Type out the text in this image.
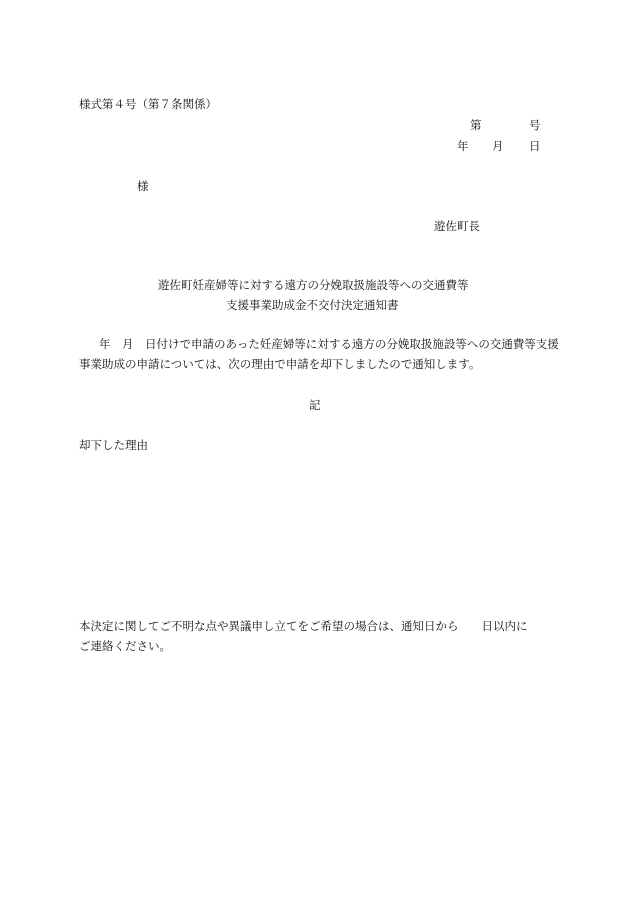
様式第４号（第７条関係）
第	号
年 月 日
様
遊佐町長
遊佐町妊産婦等に対する遠方の分娩取扱施設等への交通費等
支援事業助成金不交付決定通知書
年　月　日付けで申請のあった妊産婦等に対する遠方の分娩取扱施設等への交通費等支援
事業助成の申請については、次の理由で申請を却下しましたので通知します。
記
却下した理由
本決定に関してご不明な点や異議申し立てをご希望の場合は、通知日から　　日以内に
ご連絡ください。
